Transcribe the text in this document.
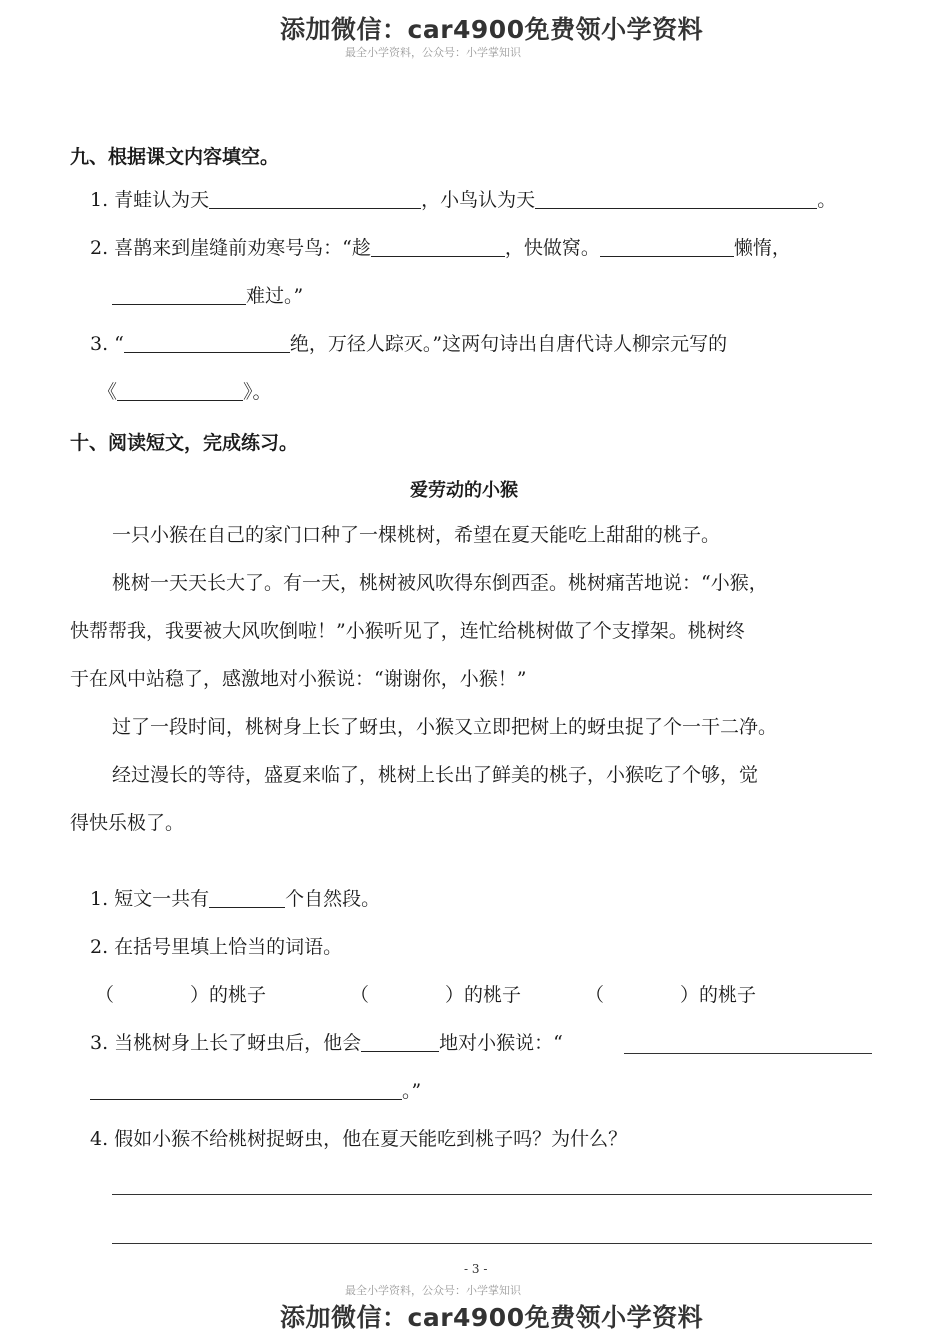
添加微信：car4900免费领小学资料
最全小学资料，公众号：小学掌知识
九、根据课文内容填空。
1. 青蛙认为天	，小鸟认为天	。
2. 喜鹊来到崖缝前劝寒号鸟：“趁	，快做窝。	懒惰，
难过。”
3. “	绝，万径人踪灭。”这两句诗出自唐代诗人柳宗元写的
《	》。
十、阅读短文，完成练习。
爱劳动的小猴
一只小猴在自己的家门口种了一棵桃树，希望在夏天能吃上甜甜的桃子。
桃树一天天长大了。有一天，桃树被风吹得东倒西歪。桃树痛苦地说：“小猴，
快帮帮我，我要被大风吹倒啦！”小猴听见了，连忙给桃树做了个支撑架。桃树终
于在风中站稳了，感激地对小猴说：“谢谢你，小猴！”
过了一段时间，桃树身上长了蚜虫，小猴又立即把树上的蚜虫捉了个一干二净。
经过漫长的等待，盛夏来临了，桃树上长出了鲜美的桃子，小猴吃了个够，觉
得快乐极了。
1. 短文一共有	个自然段。
2. 在括号里填上恰当的词语。
（　　　　）的桃子	（　　　　）的桃子	（　　　　）的桃子
3. 当桃树身上长了蚜虫后，他会	地对小猴说：“
。”
4. 假如小猴不给桃树捉蚜虫，他在夏天能吃到桃子吗？为什么？
- 3 -
最全小学资料，公众号：小学掌知识
添加微信：car4900免费领小学资料
